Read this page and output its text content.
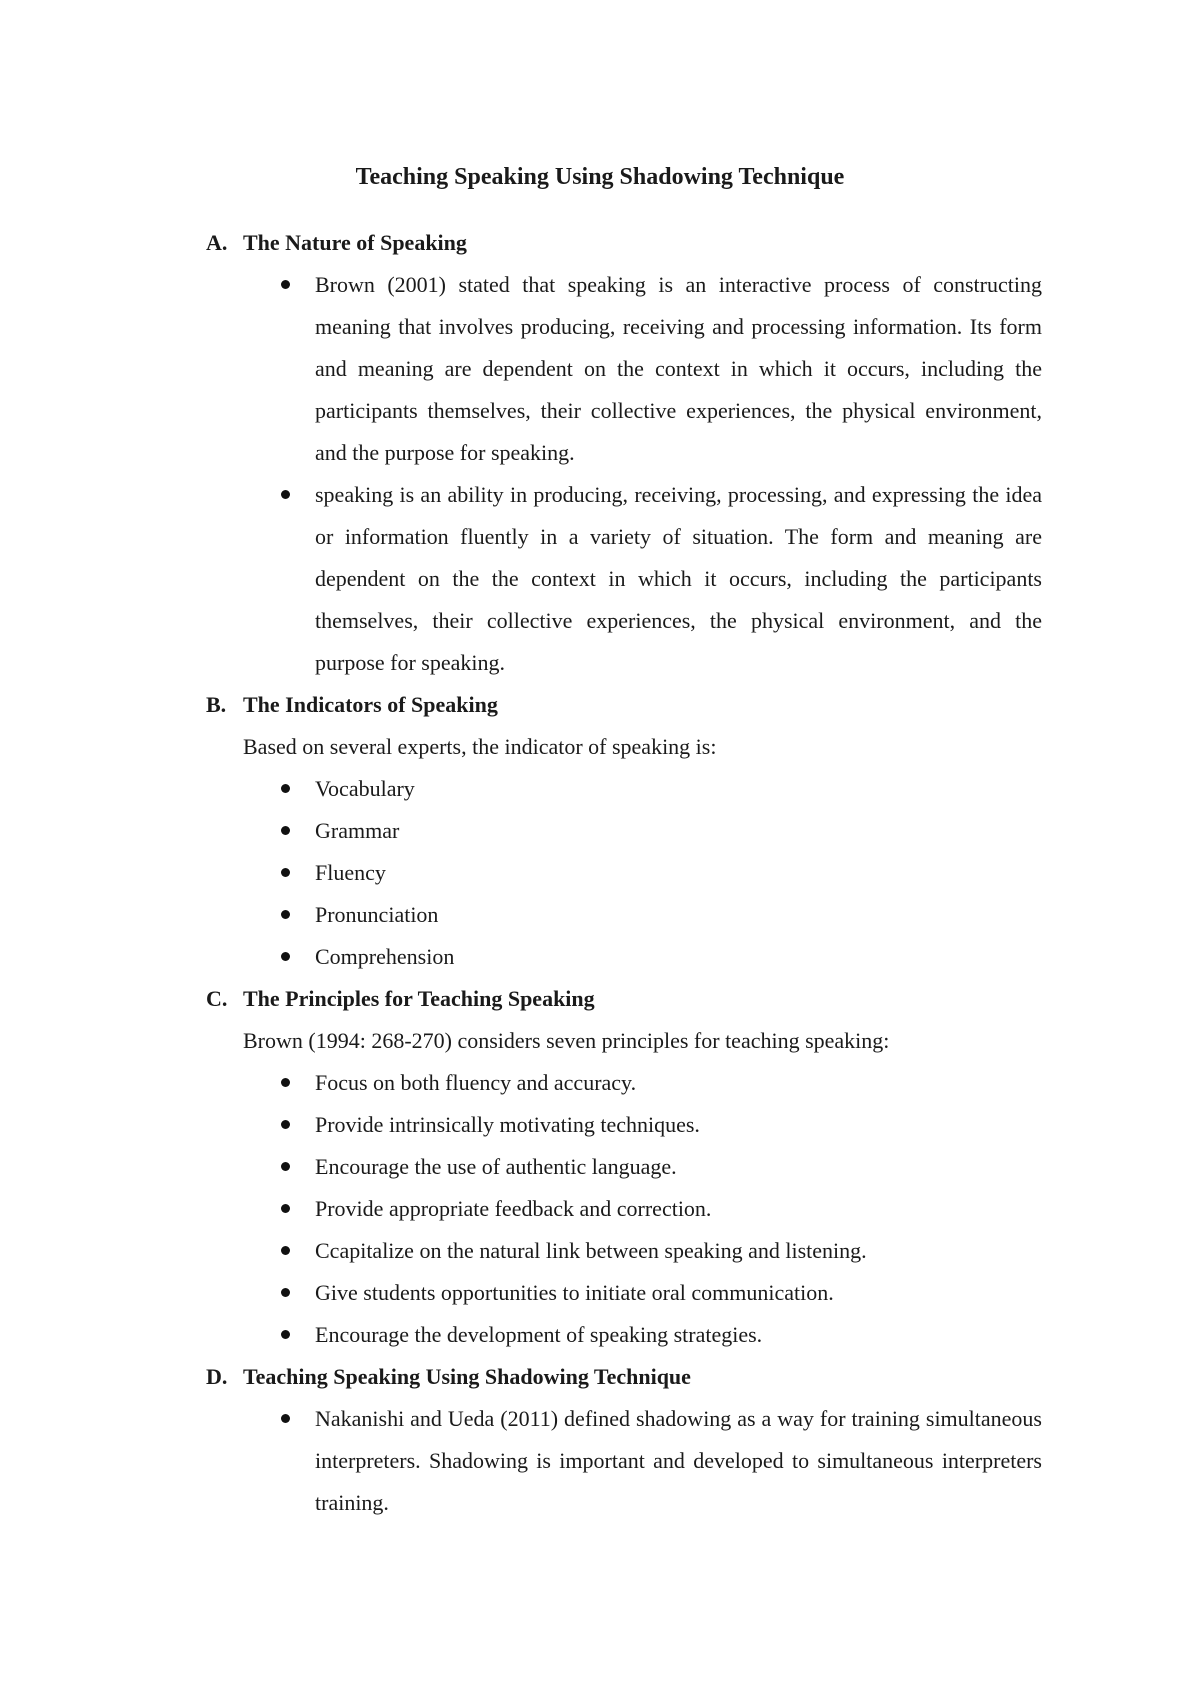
Teaching Speaking Using Shadowing Technique
A. The Nature of Speaking
Brown (2001) stated that speaking is an interactive process of constructing meaning that involves producing, receiving and processing information. Its form and meaning are dependent on the context in which it occurs, including the participants themselves, their collective experiences, the physical environment, and the purpose for speaking.
speaking is an ability in producing, receiving, processing, and expressing the idea or information fluently in a variety of situation. The form and meaning are dependent on the the context in which it occurs, including the participants themselves, their collective experiences, the physical environment, and the purpose for speaking.
B. The Indicators of Speaking

Based on several experts, the indicator of speaking is:

Vocabulary
Grammar
Fluency
Pronunciation
Comprehension
C. The Principles for Teaching Speaking

Brown (1994: 268-270) considers seven principles for teaching speaking:

Focus on both fluency and accuracy.
Provide intrinsically motivating techniques.
Encourage the use of authentic language.
Provide appropriate feedback and correction.
Ccapitalize on the natural link between speaking and listening.
Give students opportunities to initiate oral communication.
Encourage the development of speaking strategies.
D. Teaching Speaking Using Shadowing Technique
Nakanishi and Ueda (2011) defined shadowing as a way for training simultaneous interpreters. Shadowing is important and developed to simultaneous interpreters training.
